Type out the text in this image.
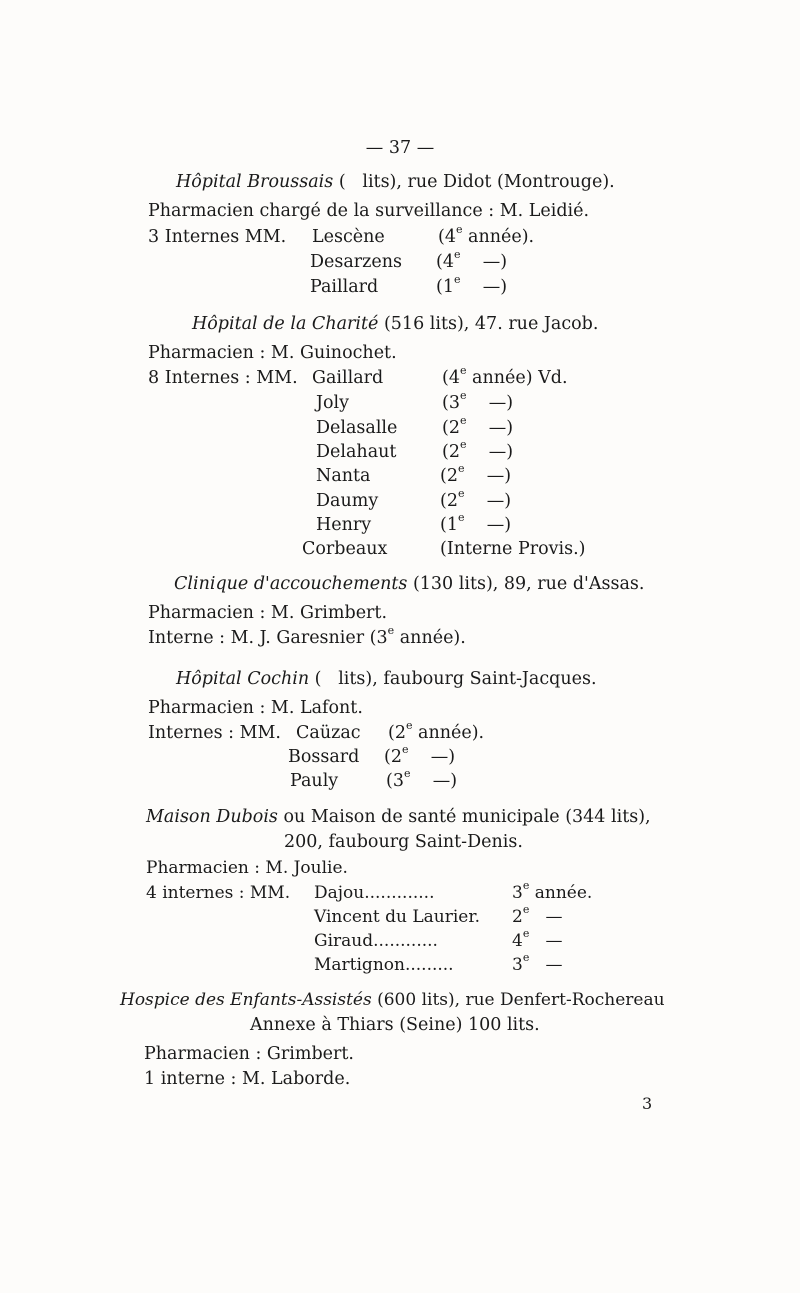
— 37 —
Hôpital Broussais ( lits), rue Didot (Montrouge).
Pharmacien chargé de la surveillance : M. Leidié.
3 Internes MM. Lescène	(4e année).
Desarzens (4e    —)
Paillard	(1e    —)
Hôpital de la Charité (516 lits), 47. rue Jacob.
Pharmacien : M. Guinochet.
8 Internes : MM. Gaillard	(4e année) Vd.
Joly	(3e    —)
Delasalle	(2e    —)
Delahaut	(2e    —)
Nanta	(2e    —)
Daumy	(2e    —)
Henry	(1e    —)
Corbeaux	(Interne Provis.)
Clinique d'accouchements (130 lits), 89, rue d'Assas.
Pharmacien : M. Grimbert.
Interne : M. J. Garesnier (3e année).
Hôpital Cochin ( lits), faubourg Saint-Jacques.
Pharmacien : M. Lafont.
Internes : MM. Caüzac (2e année).
Bossard (2e    —)
Pauly	(3e    —)
Maison Dubois ou Maison de santé municipale (344 lits),
200, faubourg Saint-Denis.
Pharmacien : M. Joulie.
4 internes : MM. Dajou.............	3e année.
Vincent du Laurier. 2e   —
Giraud............	4e   —
Martignon.........	3e   —
Hospice des Enfants-Assistés (600 lits), rue Denfert-Rochereau
Annexe à Thiars (Seine) 100 lits.
Pharmacien : Grimbert.
1 interne : M. Laborde.
3
